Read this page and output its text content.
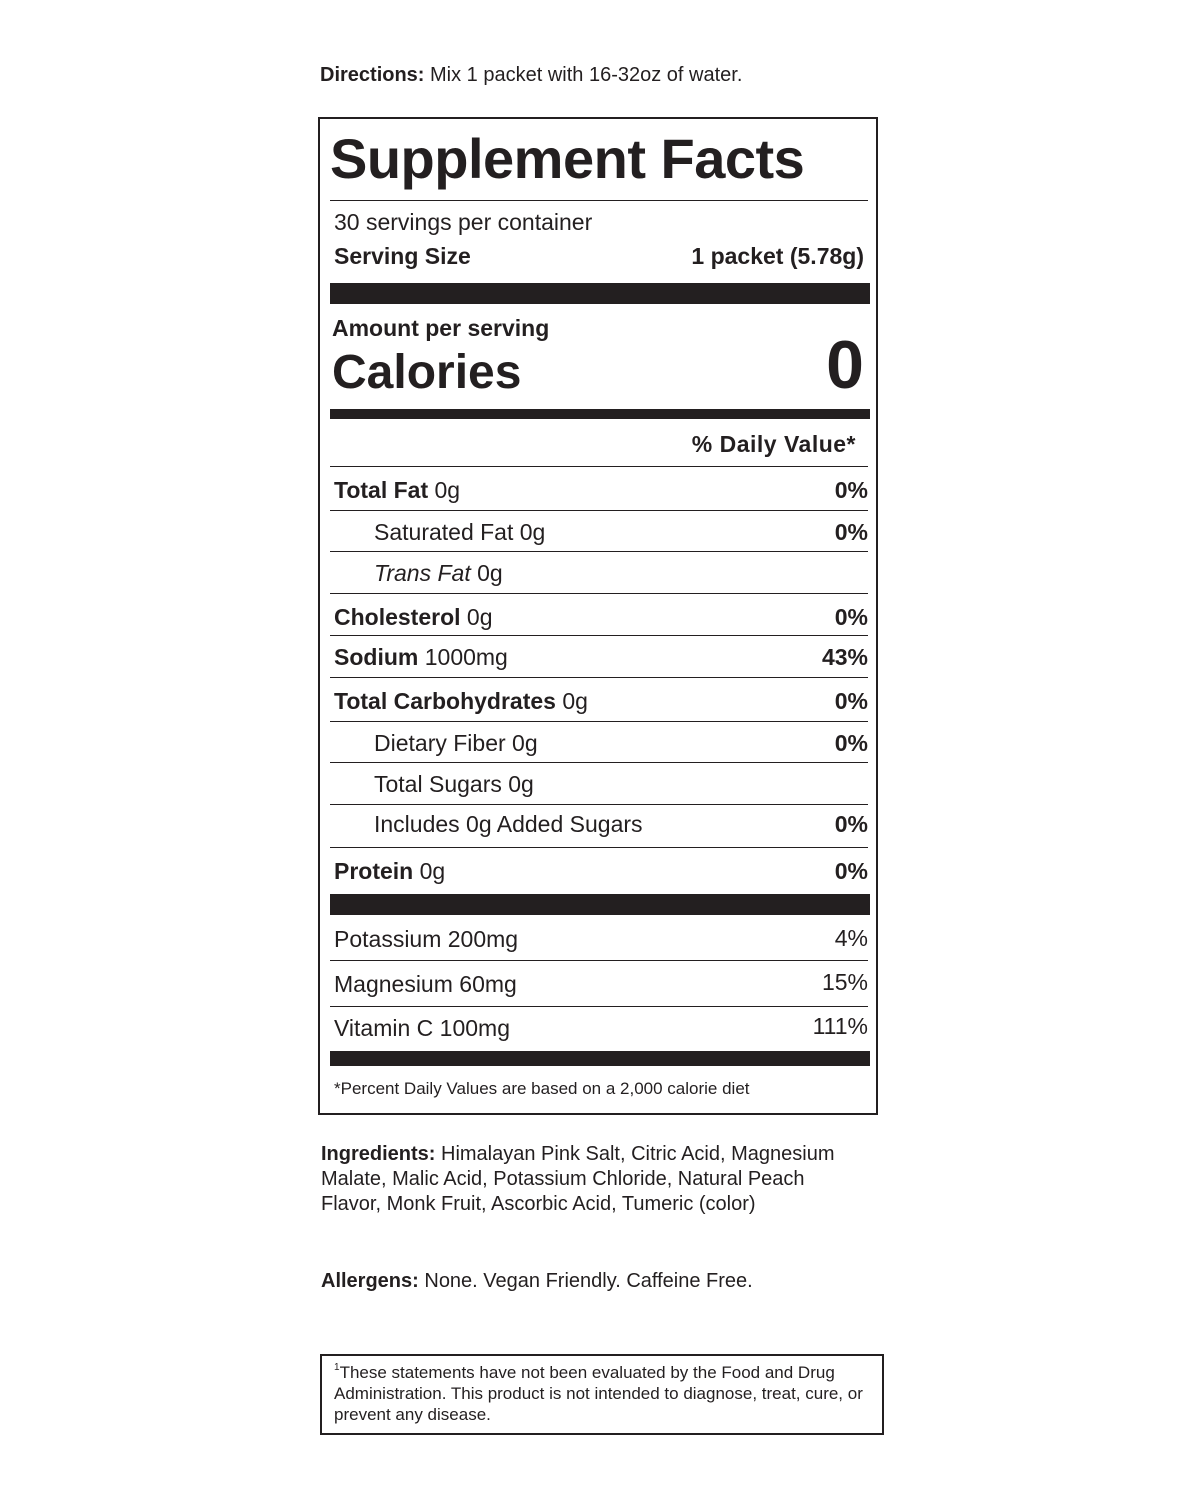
Directions: Mix 1 packet with 16-32oz of water.
Supplement Facts
30 servings per container
Serving Size	1 packet (5.78g)
Amount per serving
Calories	0
% Daily Value*
Total Fat 0g	0%
Saturated Fat 0g	0%
Trans Fat 0g
Cholesterol 0g	0%
Sodium 1000mg	43%
Total Carbohydrates 0g	0%
Dietary Fiber 0g	0%
Total Sugars 0g
Includes 0g Added Sugars	0%
Protein 0g	0%
Potassium 200mg	4%
Magnesium 60mg	15%
Vitamin C 100mg	111%
*Percent Daily Values are based on a 2,000 calorie diet
Ingredients: Himalayan Pink Salt, Citric Acid, Magnesium Malate, Malic Acid, Potassium Chloride, Natural Peach Flavor, Monk Fruit, Ascorbic Acid, Tumeric (color)
Allergens: None. Vegan Friendly. Caffeine Free.
$^1$These statements have not been evaluated by the Food and Drug Administration. This product is not intended to diagnose, treat, cure, or prevent any disease.
